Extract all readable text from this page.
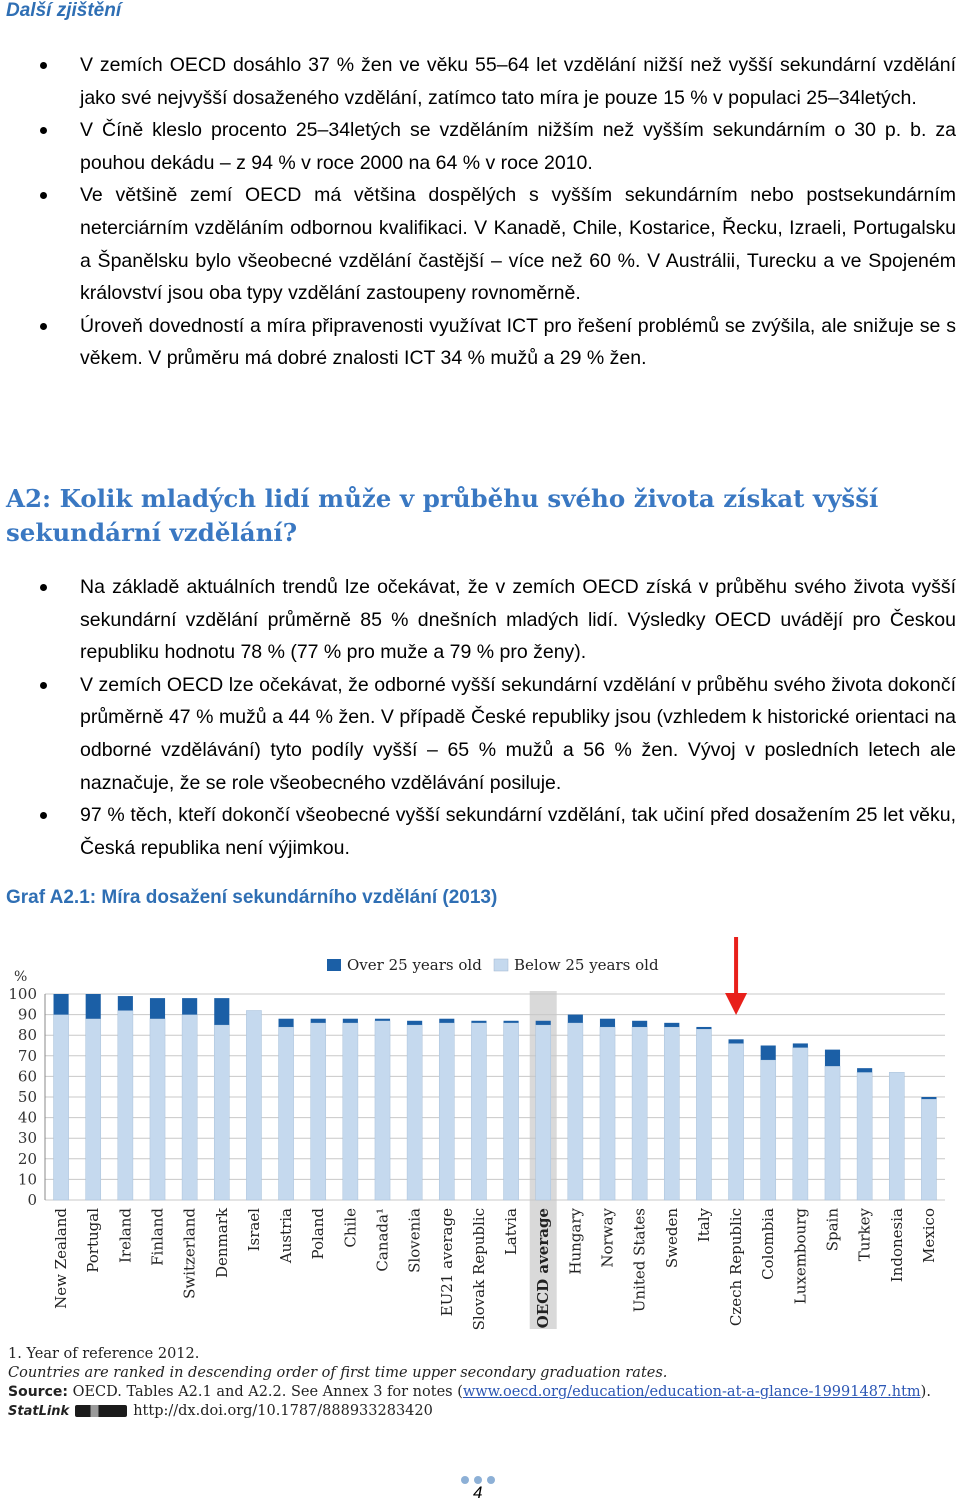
Další zjištění
V zemích OECD dosáhlo 37 % žen ve věku 55–64 let vzdělání nižší než vyšší sekundární vzdělání jako své nejvyšší dosaženého vzdělání, zatímco tato míra je pouze 15 % v populaci 25–34letých.
V Číně kleslo procento 25–34letých se vzděláním nižším než vyšším sekundárním o 30 p. b. za pouhou dekádu – z 94 % v roce 2000 na 64 % v roce 2010.
Ve většině zemí OECD má většina dospělých s vyšším sekundárním nebo postsekundárním neterciárním vzděláním odbornou kvalifikaci. V Kanadě, Chile, Kostarice, Řecku, Izraeli, Portugalsku a Španělsku bylo všeobecné vzdělání častější – více než 60 %. V Austrálii, Turecku a ve Spojeném království jsou oba typy vzdělání zastoupeny rovnoměrně.
Úroveň dovedností a míra připravenosti využívat ICT pro řešení problémů se zvýšila, ale snižuje se s věkem. V průměru má dobré znalosti ICT 34 % mužů a 29 % žen.
A2: Kolik mladých lidí může v průběhu svého života získat vyšší sekundární vzdělání?
Na základě aktuálních trendů lze očekávat, že v zemích OECD získá v průběhu svého života vyšší sekundární vzdělání průměrně 85 % dnešních mladých lidí. Výsledky OECD uvádějí pro Českou republiku hodnotu 78 % (77 % pro muže a 79 % pro ženy).
V zemích OECD lze očekávat, že odborné vyšší sekundární vzdělání v průběhu svého života dokončí průměrně 47 % mužů a 44 % žen. V případě České republiky jsou (vzhledem k historické orientaci na odborné vzdělávání) tyto podíly vyšší – 65 % mužů a 56 % žen. Vývoj v posledních letech ale naznačuje, že se role všeobecného vzdělávání posiluje.
97 % těch, kteří dokončí všeobecné vyšší sekundární vzdělání, tak učiní před dosažením 25 let věku, Česká republika není výjimkou.
Graf A2.1: Míra dosažení sekundárního vzdělání (2013)
0
10
20
30
40
50
60
70
80
90
100
%
Over 25 years old Below 25 years old
New Zealand Portugal Ireland Finland Switzerland Denmark Israel Austria Poland Chile Canada¹ Slovenia EU21 average Slovak Republic Latvia OECD average Hungary Norway United States Sweden Italy Czech Republic Colombia Luxembourg Spain Turkey Indonesia Mexico
1. Year of reference 2012.
Countries are ranked in descending order of first time upper secondary graduation rates.
Source: OECD. Tables A2.1 and A2.2. See Annex 3 for notes (www.oecd.org/education/education-at-a-glance-19991487.htm).
StatLink	http://dx.doi.org/10.1787/888933283420
4
